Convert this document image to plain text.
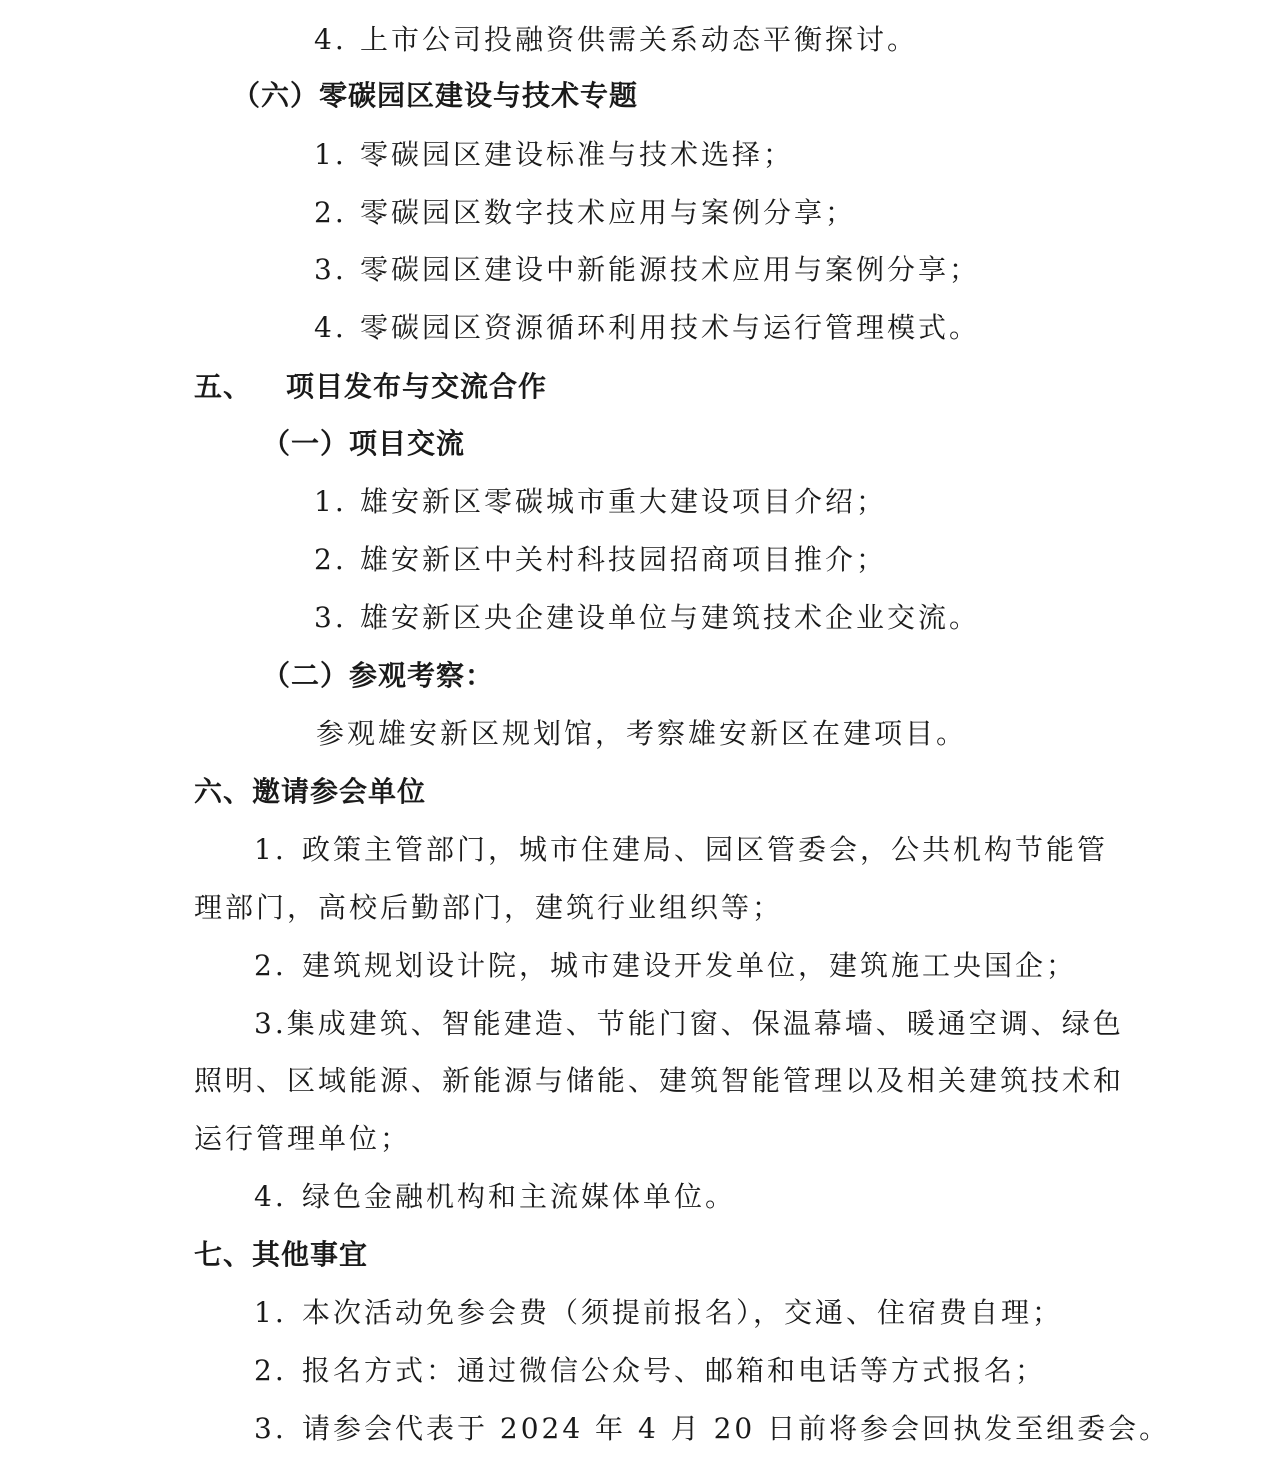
4. 上市公司投融资供需关系动态平衡探讨。
（六）零碳园区建设与技术专题
1. 零碳园区建设标准与技术选择；
2. 零碳园区数字技术应用与案例分享；
3. 零碳园区建设中新能源技术应用与案例分享；
4. 零碳园区资源循环利用技术与运行管理模式。
五、 项目发布与交流合作
（一）项目交流
1. 雄安新区零碳城市重大建设项目介绍；
2. 雄安新区中关村科技园招商项目推介；
3. 雄安新区央企建设单位与建筑技术企业交流。
（二）参观考察：
参观雄安新区规划馆，考察雄安新区在建项目。
六、邀请参会单位
1. 政策主管部门，城市住建局、园区管委会，公共机构节能管
理部门，高校后勤部门，建筑行业组织等；
2. 建筑规划设计院，城市建设开发单位，建筑施工央国企；
3.集成建筑、智能建造、节能门窗、保温幕墙、暖通空调、绿色
照明、区域能源、新能源与储能、建筑智能管理以及相关建筑技术和
运行管理单位；
4. 绿色金融机构和主流媒体单位。
七、其他事宜
1. 本次活动免参会费（须提前报名），交通、住宿费自理；
2. 报名方式：通过微信公众号、邮箱和电话等方式报名；
3. 请参会代表于 2024 年 4 月 20 日前将参会回执发至组委会。
